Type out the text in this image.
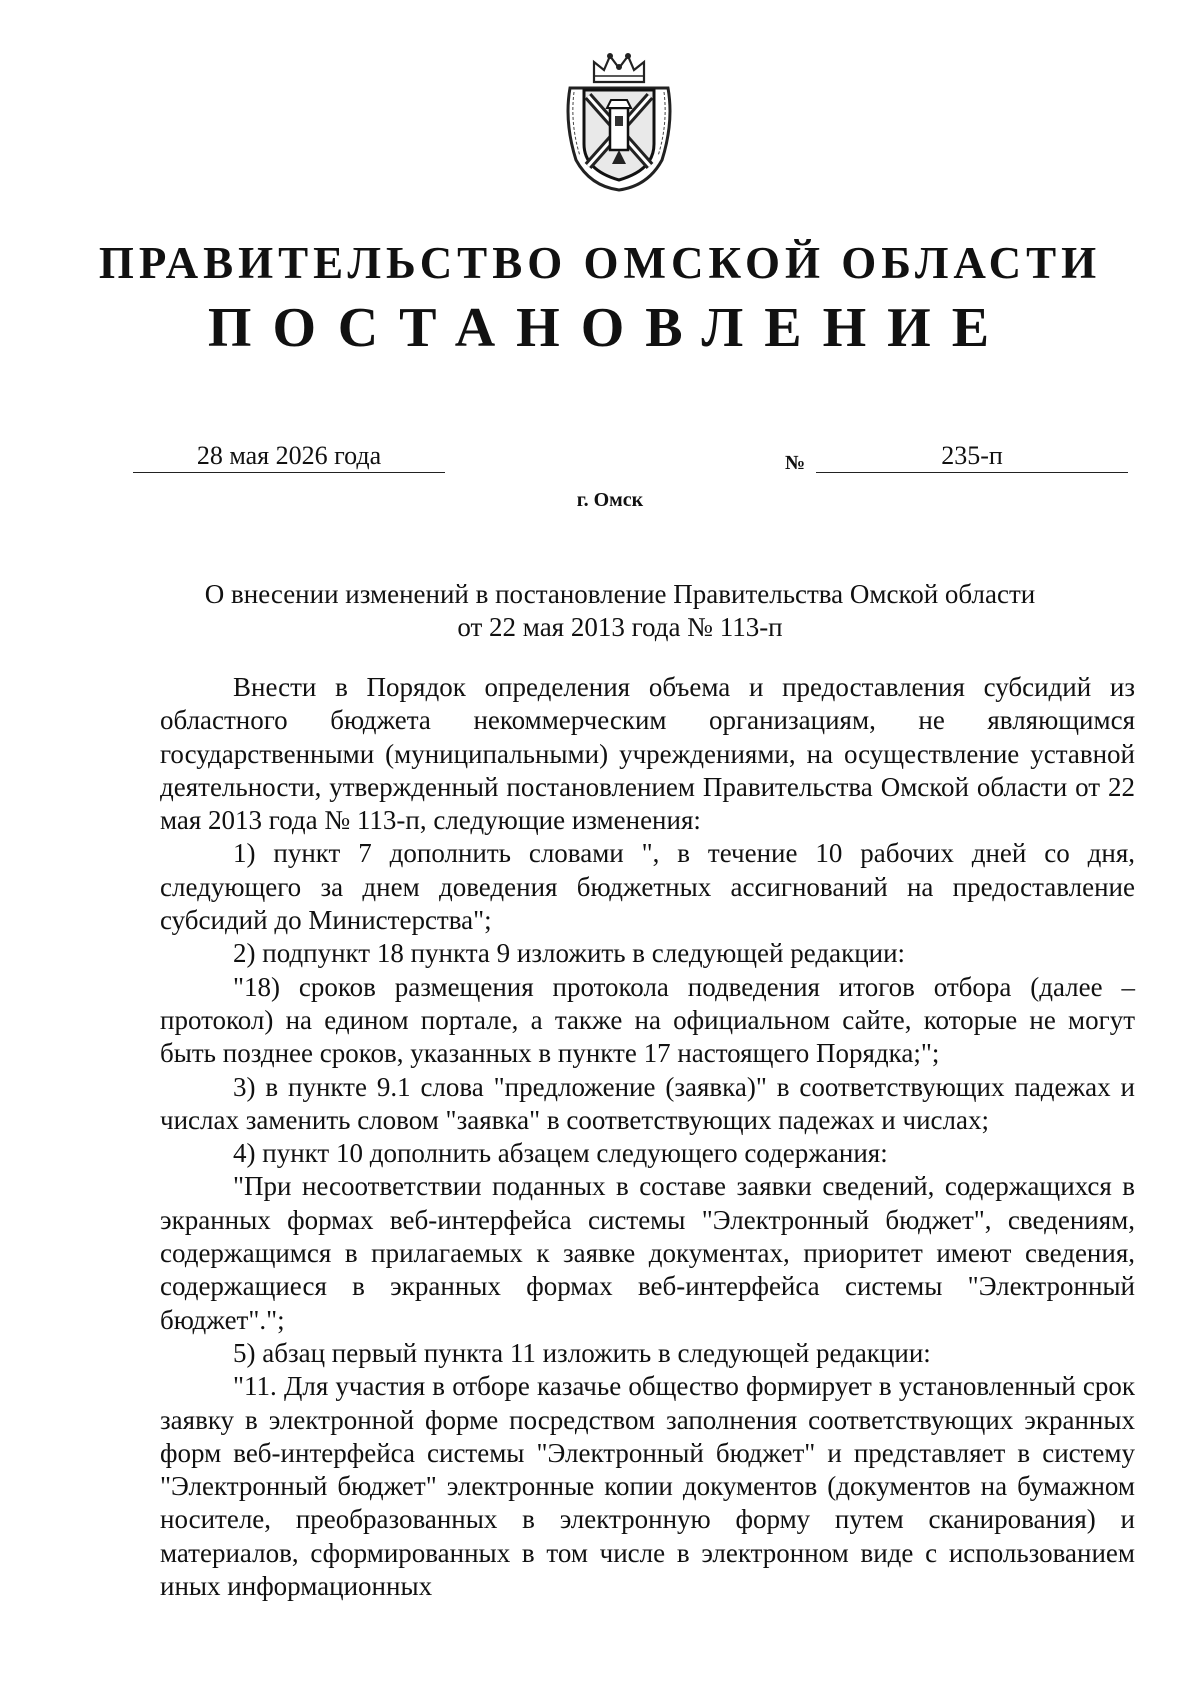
ПРАВИТЕЛЬСТВО ОМСКОЙ ОБЛАСТИ
ПОСТАНОВЛЕНИЕ
28 мая 2026 года	№	235-п
г. Омск
О внесении изменений в постановление Правительства Омской области
от 22 мая 2013 года № 113-п

Внести в Порядок определения объема и предоставления субсидий из областного бюджета некоммерческим организациям, не являющимся государственными (муниципальными) учреждениями, на осуществление уставной деятельности, утвержденный постановлением Правительства Омской области от 22 мая 2013 года № 113-п, следующие изменения:

1) пункт 7 дополнить словами ", в течение 10 рабочих дней со дня, следующего за днем доведения бюджетных ассигнований на предоставление субсидий до Министерства";

2) подпункт 18 пункта 9 изложить в следующей редакции:

"18) сроков размещения протокола подведения итогов отбора (далее – протокол) на едином портале, а также на официальном сайте, которые не могут быть позднее сроков, указанных в пункте 17 настоящего Порядка;";

3) в пункте 9.1 слова "предложение (заявка)" в соответствующих падежах и числах заменить словом "заявка" в соответствующих падежах и числах;

4) пункт 10 дополнить абзацем следующего содержания:

"При несоответствии поданных в составе заявки сведений, содержащихся в экранных формах веб-интерфейса системы "Электронный бюджет", сведениям, содержащимся в прилагаемых к заявке документах, приоритет имеют сведения, содержащиеся в экранных формах веб-интерфейса системы "Электронный бюджет".";

5) абзац первый пункта 11 изложить в следующей редакции:

"11. Для участия в отборе казачье общество формирует в установленный срок заявку в электронной форме посредством заполнения соответствующих экранных форм веб-интерфейса системы "Электронный бюджет" и представляет в систему "Электронный бюджет" электронные копии документов (документов на бумажном носителе, преобразованных в электронную форму путем сканирования) и материалов, сформированных в том числе в электронном виде с использованием иных информационных
